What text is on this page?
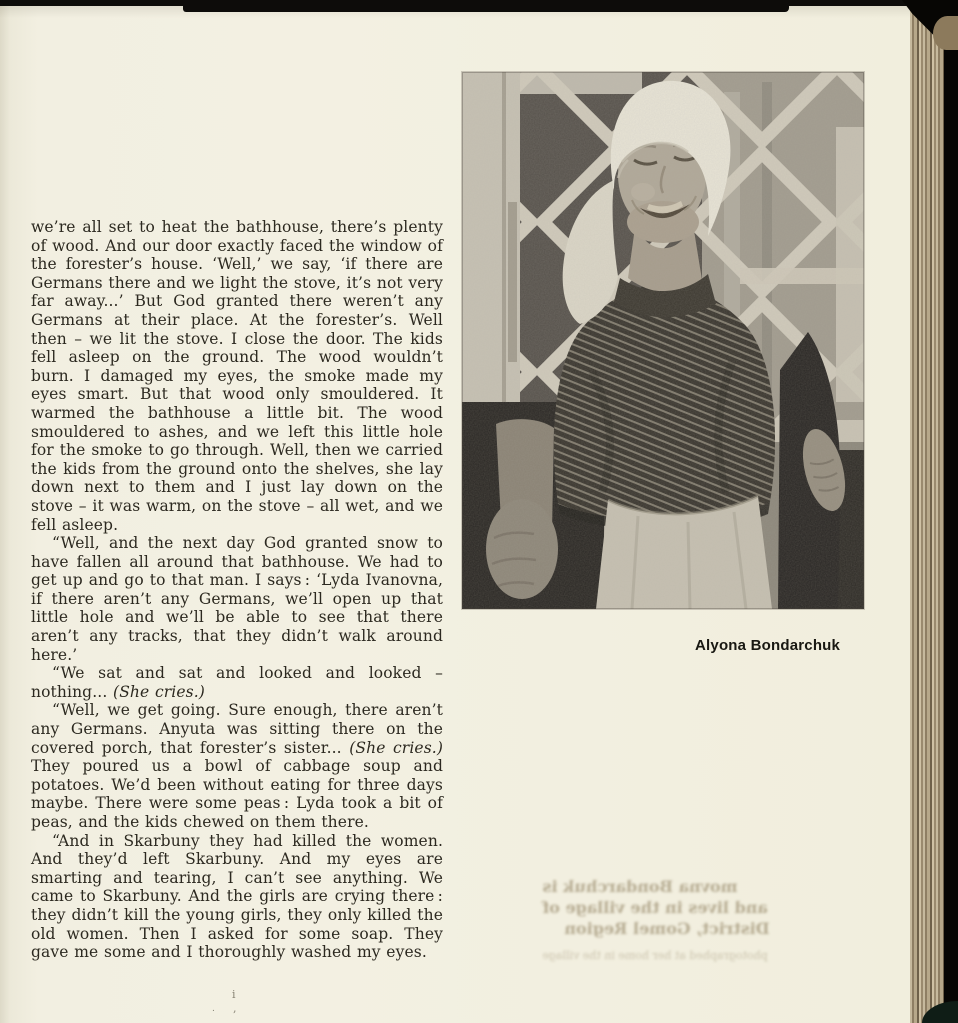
we’re all set to heat the bathhouse, there’s plenty of wood. And our door exactly faced the window of the forester’s house. ‘Well,’ we say, ‘if there are Germans there and we light the stove, it’s not very far away...’ But God granted there weren’t any Germans at their place. At the forester’s. Well then – we lit the stove. I close the door. The kids fell asleep on the ground. The wood wouldn’t burn. I damaged my eyes, the smoke made my eyes smart. But that wood only smouldered. It warmed the bathhouse a little bit. The wood smouldered to ashes, and we left this little hole for the smoke to go through. Well, then we carried the kids from the ground onto the shelves, she lay down next to them and I just lay down on the stove – it was warm, on the stove – all wet, and we fell asleep.

“Well, and the next day God granted snow to have fallen all around that bathhouse. We had to get up and go to that man. I says : ‘Lyda Ivanovna, if there aren’t any Germans, we’ll open up that little hole and we’ll be able to see that there aren’t any tracks, that they didn’t walk around here.’

“We sat and sat and looked and looked – nothing... (She cries.)

“Well, we get going. Sure enough, there aren’t any Germans. Anyuta was sitting there on the covered porch, that forester’s sister... (She cries.) They poured us a bowl of cabbage soup and potatoes. We’d been without eating for three days maybe. There were some peas : Lyda took a bit of peas, and the kids chewed on them there.

“And in Skarbuny they had killed the women. And they’d left Skarbuny. And my eyes are smarting and tearing, I can’t see anything. We came to Skarbuny. And the girls are crying there : they didn’t kill the young girls, they only killed the old women. Then I asked for some soap. They gave me some and I thoroughly washed my eyes.

Alyona Bondarchuk
movna Bondarchuk is
and lives in the village of
District, Gomel Region
photographed at her home in the village
i
,
.
